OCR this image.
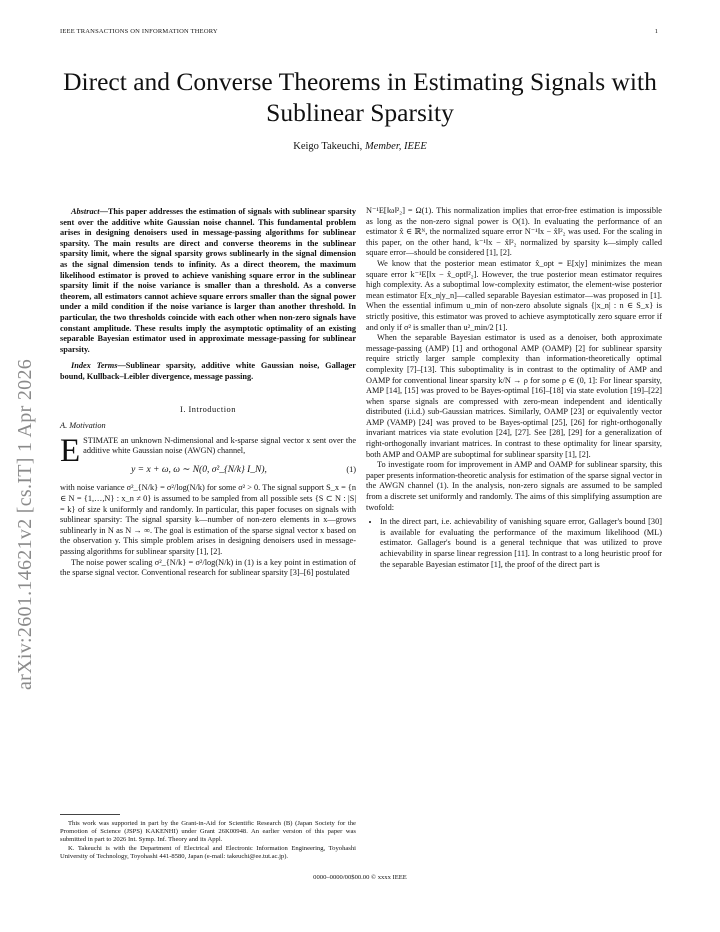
IEEE TRANSACTIONS ON INFORMATION THEORY	1
Direct and Converse Theorems in Estimating Signals with Sublinear Sparsity
Keigo Takeuchi, Member, IEEE
arXiv:2601.14621v2 [cs.IT] 1 Apr 2026

Abstract—This paper addresses the estimation of signals with sublinear sparsity sent over the additive white Gaussian noise channel. This fundamental problem arises in designing denoisers used in message-passing algorithms for sublinear sparsity. The main results are direct and converse theorems in the sublinear sparsity limit, where the signal sparsity grows sublinearly in the signal dimension as the signal dimension tends to infinity. As a direct theorem, the maximum likelihood estimator is proved to achieve vanishing square error in the sublinear sparsity limit if the noise variance is smaller than a threshold. As a converse theorem, all estimators cannot achieve square errors smaller than the signal power under a mild condition if the noise variance is larger than another threshold. In particular, the two thresholds coincide with each other when non-zero signals have constant amplitude. These results imply the asymptotic optimality of an existing separable Bayesian estimator used in approximate message-passing for sublinear sparsity.

Index Terms—Sublinear sparsity, additive white Gaussian noise, Gallager bound, Kullback–Leibler divergence, message passing.

I. Introduction
A. Motivation

ESTIMATE an unknown N-dimensional and k-sparse signal vector x sent over the additive white Gaussian noise (AWGN) channel,

y = x + ω, ω ∼ N(0, σ²_{N/k} I_N),	(1)

with noise variance σ²_{N/k} = σ²/log(N/k) for some σ² > 0. The signal support S_x = {n ∈ N = {1,…,N} : x_n ≠ 0} is assumed to be sampled from all possible sets {S ⊂ N : |S| = k} of size k uniformly and randomly. In particular, this paper focuses on signals with sublinear sparsity: The signal sparsity k—number of non-zero elements in x—grows sublinearly in N as N → ∞. The goal is estimation of the sparse signal vector x based on the observation y. This simple problem arises in designing denoisers used in message-passing algorithms for sublinear sparsity [1], [2].

The noise power scaling σ²_{N/k} = σ²/log(N/k) in (1) is a key point in estimation of the sparse signal vector. Conventional research for sublinear sparsity [3]–[6] postulated

This work was supported in part by the Grant-in-Aid for Scientific Research (B) (Japan Society for the Promotion of Science (JSPS) KAKENHI) under Grant 26K00948. An earlier version of this paper was submitted in part to 2026 Int. Symp. Inf. Theory and its Appl.

K. Takeuchi is with the Department of Electrical and Electronic Information Engineering, Toyohashi University of Technology, Toyohashi 441-8580, Japan (e-mail: takeuchi@ee.tut.ac.jp).

N⁻¹E[‖ω‖²₂] = Ω(1). This normalization implies that error-free estimation is impossible as long as the non-zero signal power is O(1). In evaluating the performance of an estimator x̂ ∈ ℝᴺ, the normalized square error N⁻¹‖x − x̂‖²₂ was used. For the scaling in this paper, on the other hand, k⁻¹‖x − x̂‖²₂ normalized by sparsity k—simply called square error—should be considered [1], [2].

We know that the posterior mean estimator x̂_opt = E[x|y] minimizes the mean square error k⁻¹E[‖x − x̂_opt‖²₂]. However, the true posterior mean estimator requires high complexity. As a suboptimal low-complexity estimator, the element-wise posterior mean estimator E[x_n|y_n]—called separable Bayesian estimator—was proposed in [1]. When the essential infimum u_min of non-zero absolute signals {|x_n| : n ∈ S_x} is strictly positive, this estimator was proved to achieve asymptotically zero square error if and only if σ² is smaller than u²_min/2 [1].

When the separable Bayesian estimator is used as a denoiser, both approximate message-passing (AMP) [1] and orthogonal AMP (OAMP) [2] for sublinear sparsity require strictly larger sample complexity than information-theoretically optimal complexity [7]–[13]. This suboptimality is in contrast to the optimality of AMP and OAMP for conventional linear sparsity k/N → ρ for some ρ ∈ (0, 1]: For linear sparsity, AMP [14], [15] was proved to be Bayes-optimal [16]–[18] via state evolution [19]–[22] when sparse signals are compressed with zero-mean independent and identically distributed (i.i.d.) sub-Gaussian matrices. Similarly, OAMP [23] or equivalently vector AMP (VAMP) [24] was proved to be Bayes-optimal [25], [26] for right-orthogonally invariant matrices via state evolution [24], [27]. See [28], [29] for a generalization of right-orthogonally invariant matrices. In contrast to these optimality for linear sparsity, both AMP and OAMP are suboptimal for sublinear sparsity [1], [2].

To investigate room for improvement in AMP and OAMP for sublinear sparsity, this paper presents information-theoretic analysis for estimation of the sparse signal vector in the AWGN channel (1). In the analysis, non-zero signals are assumed to be sampled from a discrete set uniformly and randomly. The aims of this simplifying assumption are twofold:

• In the direct part, i.e. achievability of vanishing square error, Gallager's bound [30] is available for evaluating the performance of the maximum likelihood (ML) estimator. Gallager's bound is a general technique that was utilized to prove achievability in sparse linear regression [11]. In contrast to a long heuristic proof for the separable Bayesian estimator [1], the proof of the direct part is
0000–0000/00$00.00 © xxxx IEEE
